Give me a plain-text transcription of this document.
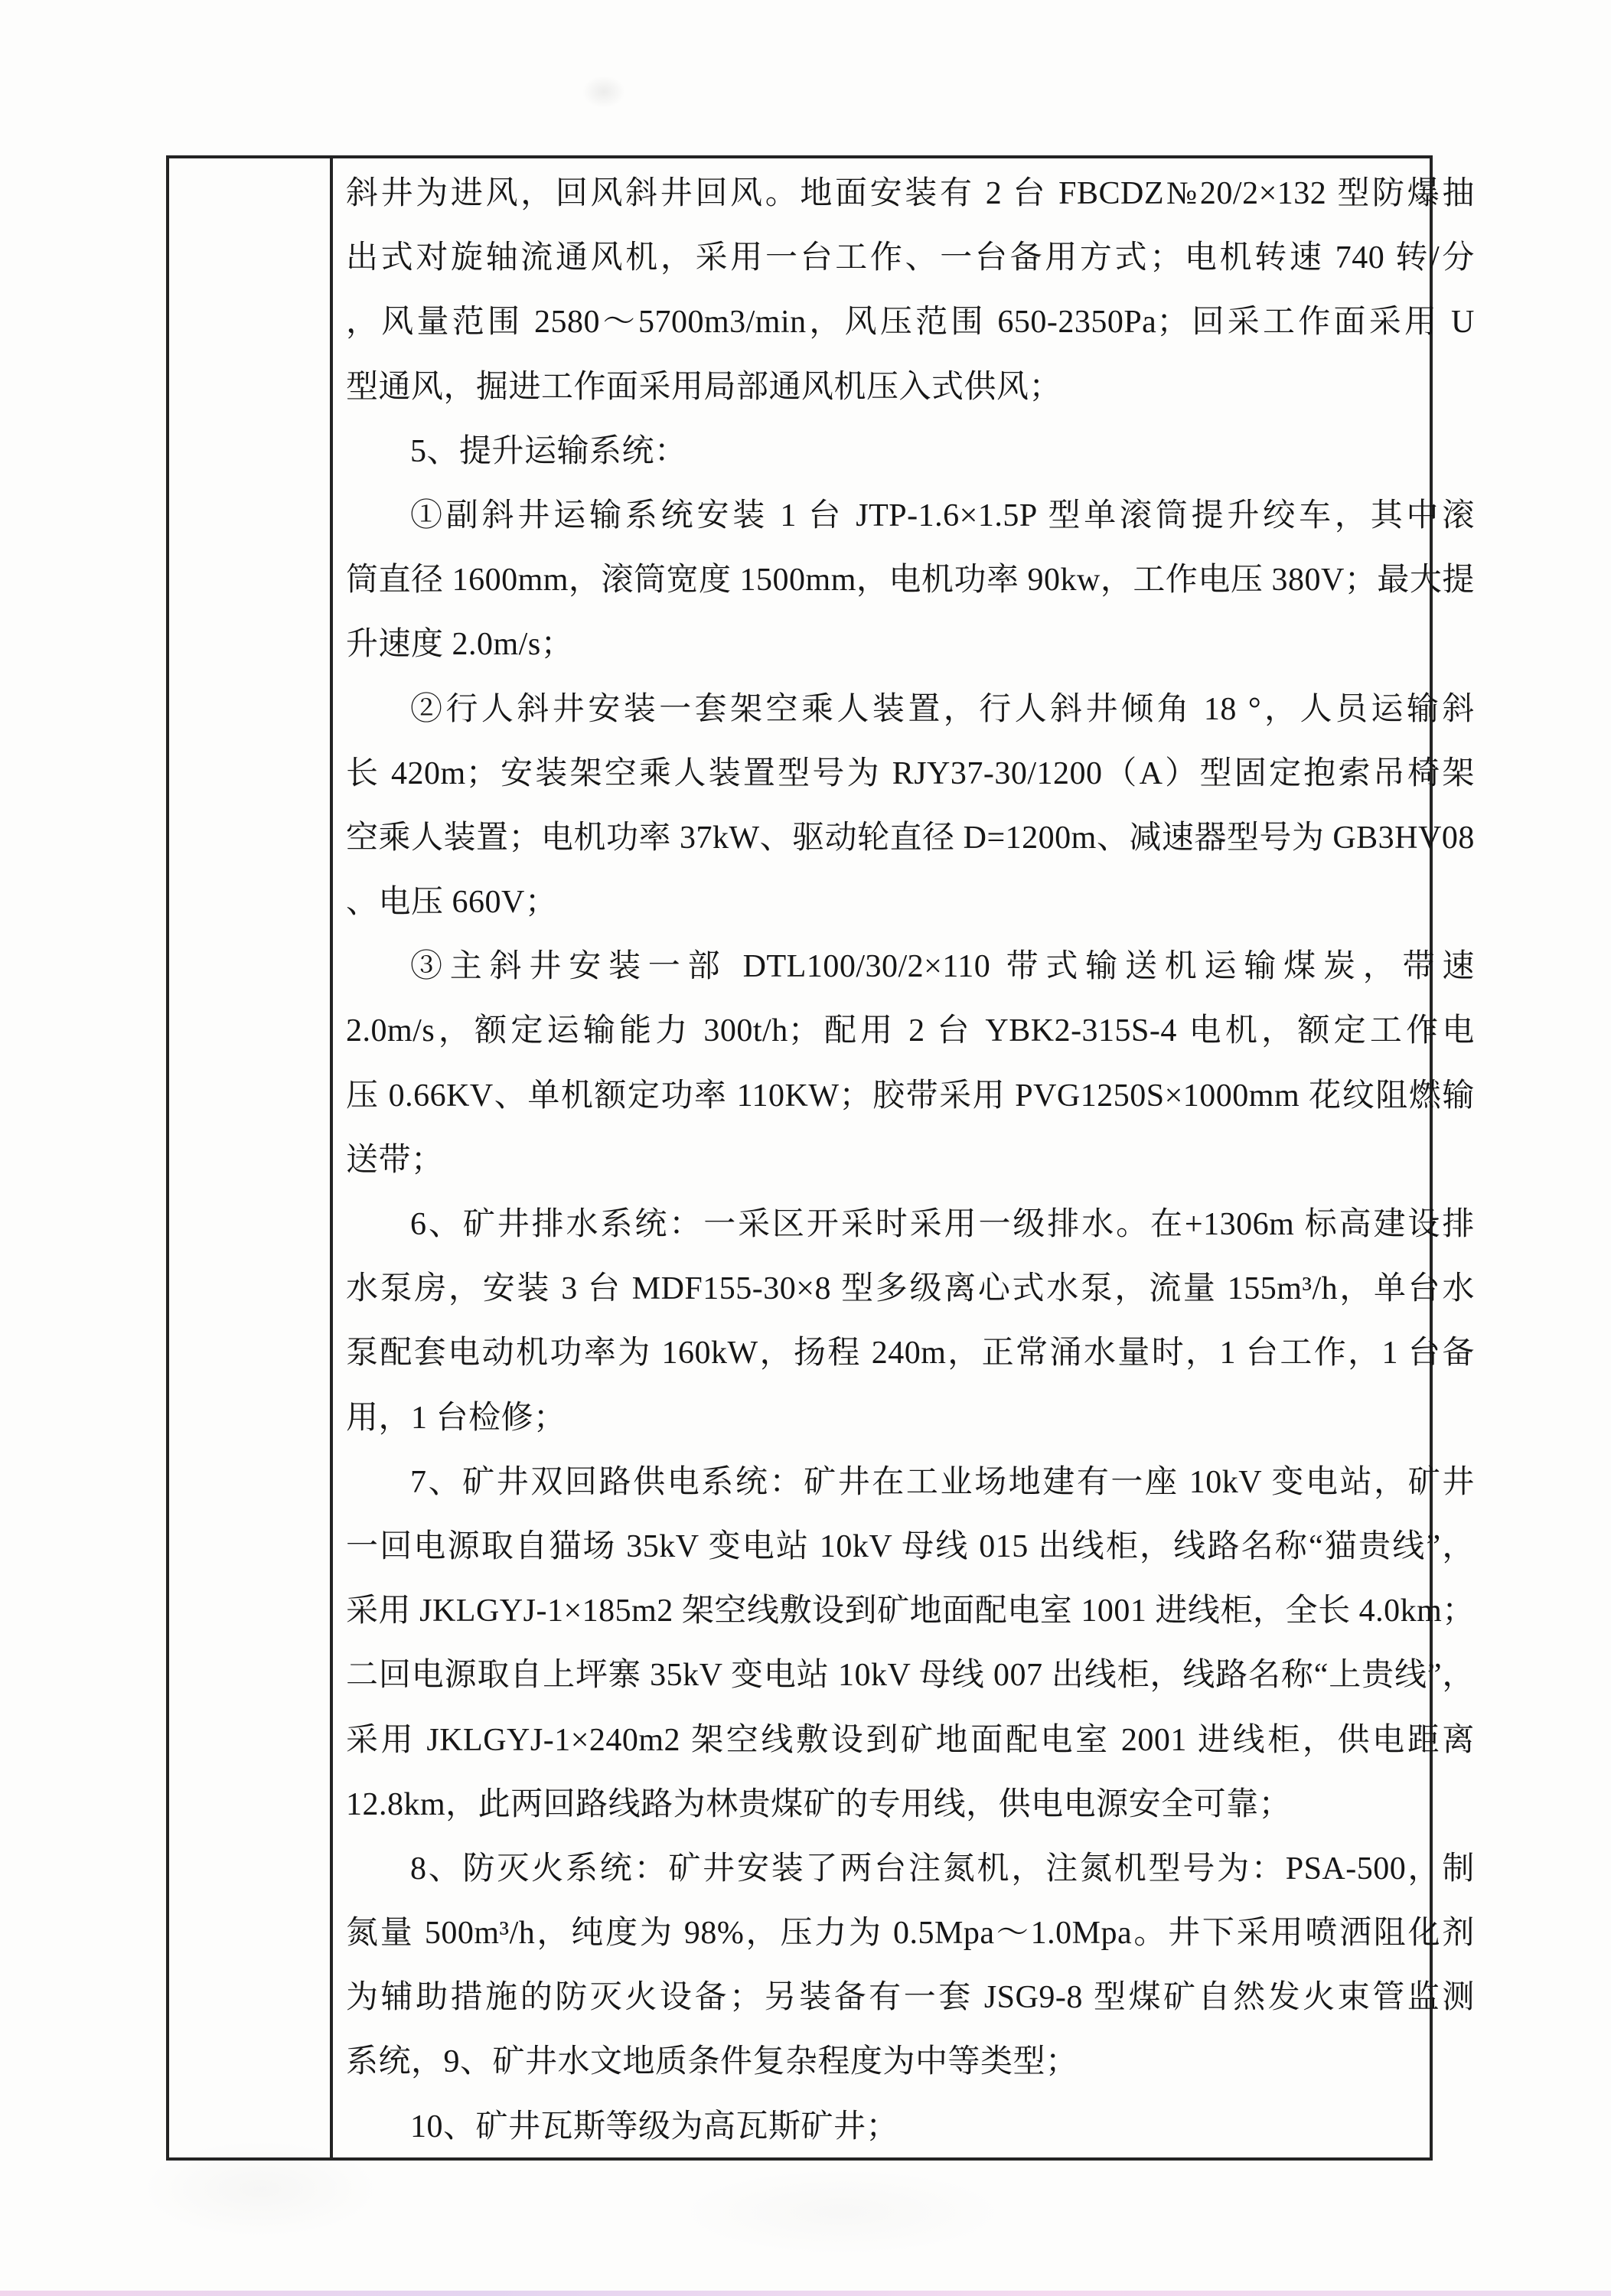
斜井为进风，回风斜井回风。地面安装有 2 台 FBCDZ№20/2×132 型防爆抽
出式对旋轴流通风机，采用一台工作、一台备用方式；电机转速 740 转/分
，风量范围 2580～5700m3/min，风压范围 650-2350Pa；回采工作面采用 U
型通风，掘进工作面采用局部通风机压入式供风；
5、提升运输系统：
①副斜井运输系统安装 1 台 JTP-1.6×1.5P 型单滚筒提升绞车，其中滚
筒直径 1600mm，滚筒宽度 1500mm，电机功率 90kw，工作电压 380V；最大提
升速度 2.0m/s；
②行人斜井安装一套架空乘人装置，行人斜井倾角 18 °，人员运输斜
长 420m；安装架空乘人装置型号为 RJY37-30/1200（A）型固定抱索吊椅架
空乘人装置；电机功率 37kW、驱动轮直径 D=1200m、减速器型号为 GB3HV08
、电压 660V；
③主斜井安装一部 DTL100/30/2×110 带式输送机运输煤炭，带速
2.0m/s，额定运输能力 300t/h；配用 2 台 YBK2-315S-4 电机，额定工作电
压 0.66KV、单机额定功率 110KW；胶带采用 PVG1250S×1000mm 花纹阻燃输
送带；
6、矿井排水系统：一采区开采时采用一级排水。在+1306m 标高建设排
水泵房，安装 3 台 MDF155-30×8 型多级离心式水泵，流量 155m³/h，单台水
泵配套电动机功率为 160kW，扬程 240m，正常涌水量时，1 台工作，1 台备
用，1 台检修；
7、矿井双回路供电系统：矿井在工业场地建有一座 10kV 变电站，矿井
一回电源取自猫场 35kV 变电站 10kV 母线 015 出线柜，线路名称“猫贵线”，
采用 JKLGYJ-1×185m2 架空线敷设到矿地面配电室 1001 进线柜，全长 4.0km；
二回电源取自上坪寨 35kV 变电站 10kV 母线 007 出线柜，线路名称“上贵线”，
采用 JKLGYJ-1×240m2 架空线敷设到矿地面配电室 2001 进线柜，供电距离
12.8km，此两回路线路为林贵煤矿的专用线，供电电源安全可靠；
8、防灭火系统：矿井安装了两台注氮机，注氮机型号为：PSA-500，制
氮量 500m³/h，纯度为 98%，压力为 0.5Mpa～1.0Mpa。井下采用喷洒阻化剂
为辅助措施的防灭火设备；另装备有一套 JSG9-8 型煤矿自然发火束管监测
系统，9、矿井水文地质条件复杂程度为中等类型；
10、矿井瓦斯等级为高瓦斯矿井；
